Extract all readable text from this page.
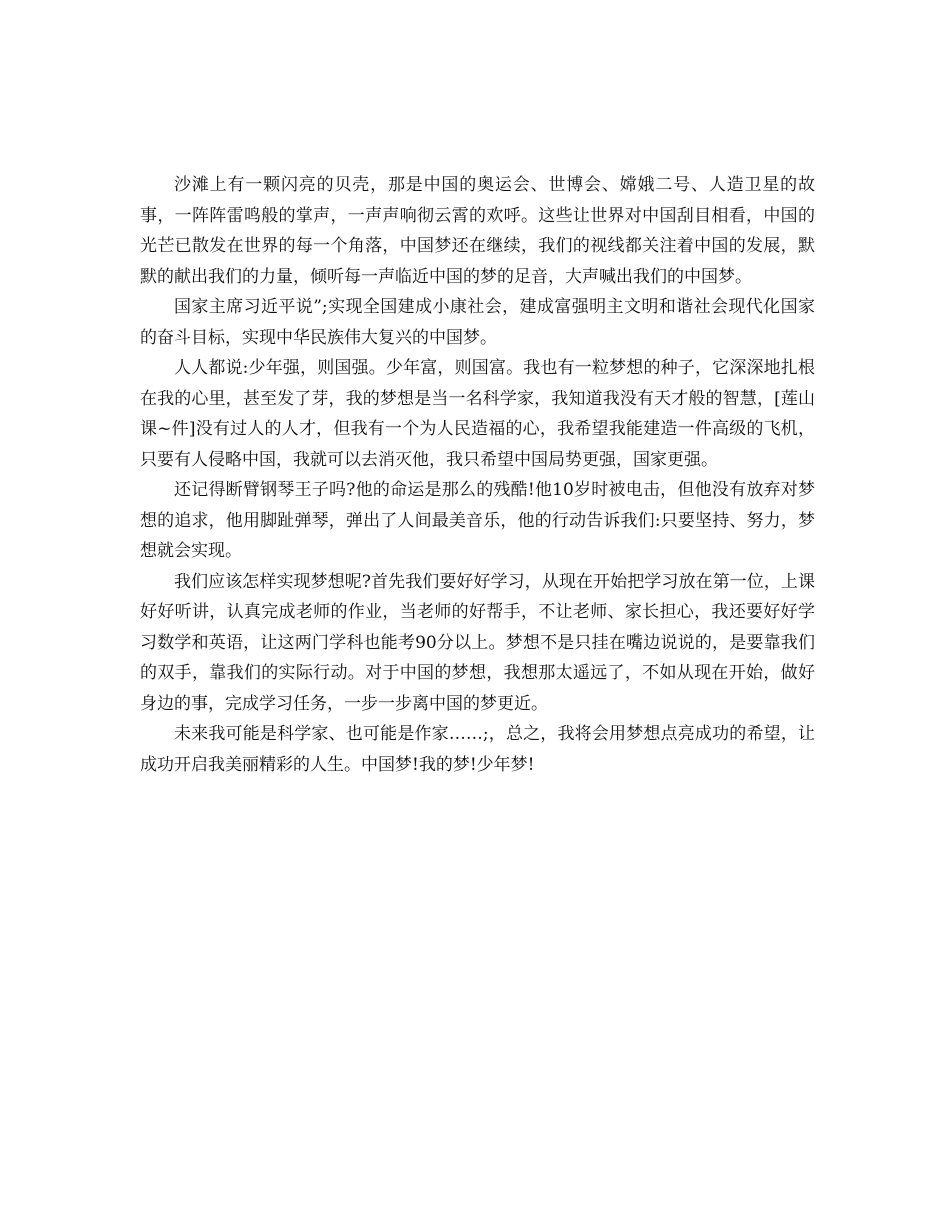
沙滩上有一颗闪亮的贝壳，那是中国的奥运会、世博会、嫦娥二号、人造卫星的故事，一阵阵雷鸣般的掌声，一声声响彻云霄的欢呼。这些让世界对中国刮目相看，中国的光芒已散发在世界的每一个角落，中国梦还在继续，我们的视线都关注着中国的发展，默默的献出我们的力量，倾听每一声临近中国的梦的足音，大声喊出我们的中国梦。

国家主席习近平说”;实现全国建成小康社会，建成富强明主文明和谐社会现代化国家的奋斗目标，实现中华民族伟大复兴的中国梦。

人人都说:少年强，则国强。少年富，则国富。我也有一粒梦想的种子，它深深地扎根在我的心里，甚至发了芽，我的梦想是当一名科学家，我知道我没有天才般的智慧，[莲山 课~件]没有过人的人才，但我有一个为人民造福的心，我希望我能建造一件高级的飞机，只要有人侵略中国，我就可以去消灭他，我只希望中国局势更强，国家更强。

还记得断臂钢琴王子吗?他的命运是那么的残酷!他10岁时被电击，但他没有放弃对梦想的追求，他用脚趾弹琴，弹出了人间最美音乐，他的行动告诉我们:只要坚持、努力，梦想就会实现。

我们应该怎样实现梦想呢?首先我们要好好学习，从现在开始把学习放在第一位，上课好好听讲，认真完成老师的作业，当老师的好帮手，不让老师、家长担心，我还要好好学习数学和英语，让这两门学科也能考90分以上。梦想不是只挂在嘴边说说的，是要靠我们的双手，靠我们的实际行动。对于中国的梦想，我想那太遥远了，不如从现在开始，做好身边的事，完成学习任务，一步一步离中国的梦更近。

未来我可能是科学家、也可能是作家……;，总之，我将会用梦想点亮成功的希望，让成功开启我美丽精彩的人生。中国梦!我的梦!少年梦!
